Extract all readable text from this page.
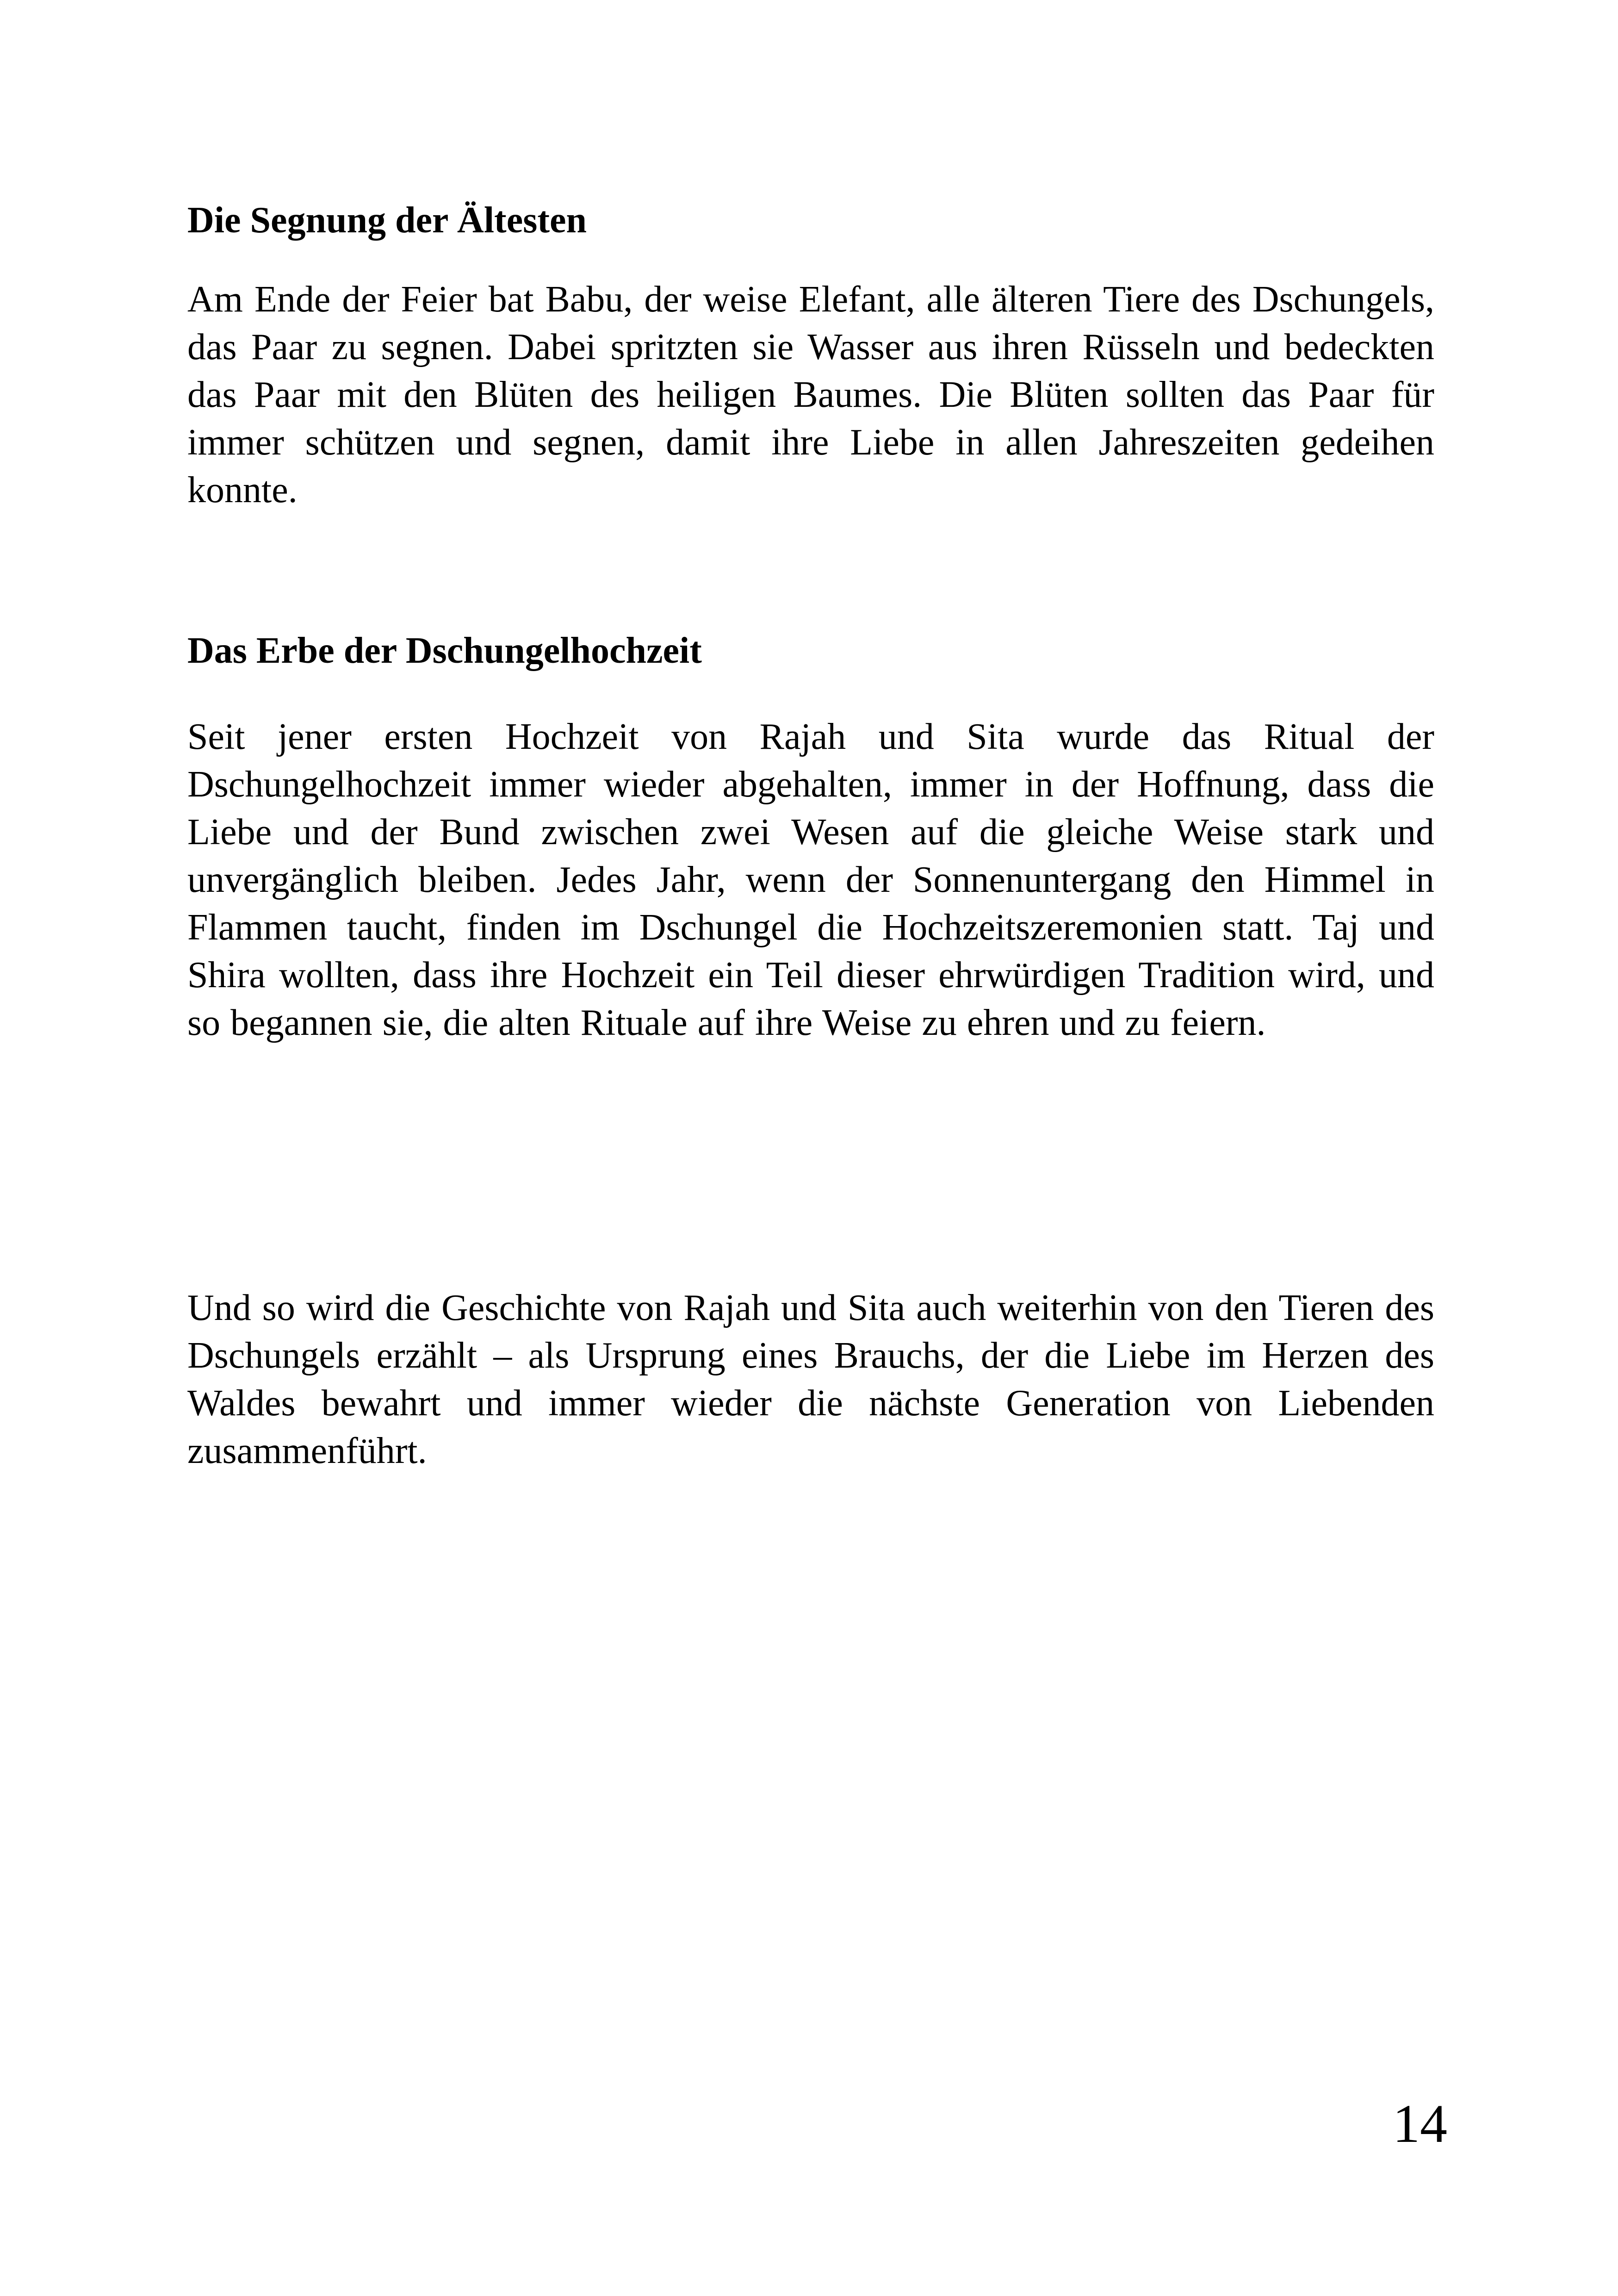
Die Segnung der Ältesten

Am Ende der Feier bat Babu, der weise Elefant, alle älteren Tiere des Dschungels, das Paar zu segnen. Dabei spritzten sie Wasser aus ihren Rüsseln und bedeckten das Paar mit den Blüten des heiligen Baumes. Die Blüten sollten das Paar für immer schützen und segnen, damit ihre Liebe in allen Jahreszeiten gedeihen konnte.

Das Erbe der Dschungelhochzeit

Seit jener ersten Hochzeit von Rajah und Sita wurde das Ritual der Dschungelhochzeit immer wieder abgehalten, immer in der Hoffnung, dass die Liebe und der Bund zwischen zwei Wesen auf die gleiche Weise stark und unvergänglich bleiben. Jedes Jahr, wenn der Sonnenuntergang den Himmel in Flammen taucht, finden im Dschungel die Hochzeitszeremonien statt. Taj und Shira wollten, dass ihre Hochzeit ein Teil dieser ehrwürdigen Tradition wird, und so begannen sie, die alten Rituale auf ihre Weise zu ehren und zu feiern.

Und so wird die Geschichte von Rajah und Sita auch weiterhin von den Tieren des Dschungels erzählt – als Ursprung eines Brauchs, der die Liebe im Herzen des Waldes bewahrt und immer wieder die nächste Generation von Liebenden zusammenführt.

14
